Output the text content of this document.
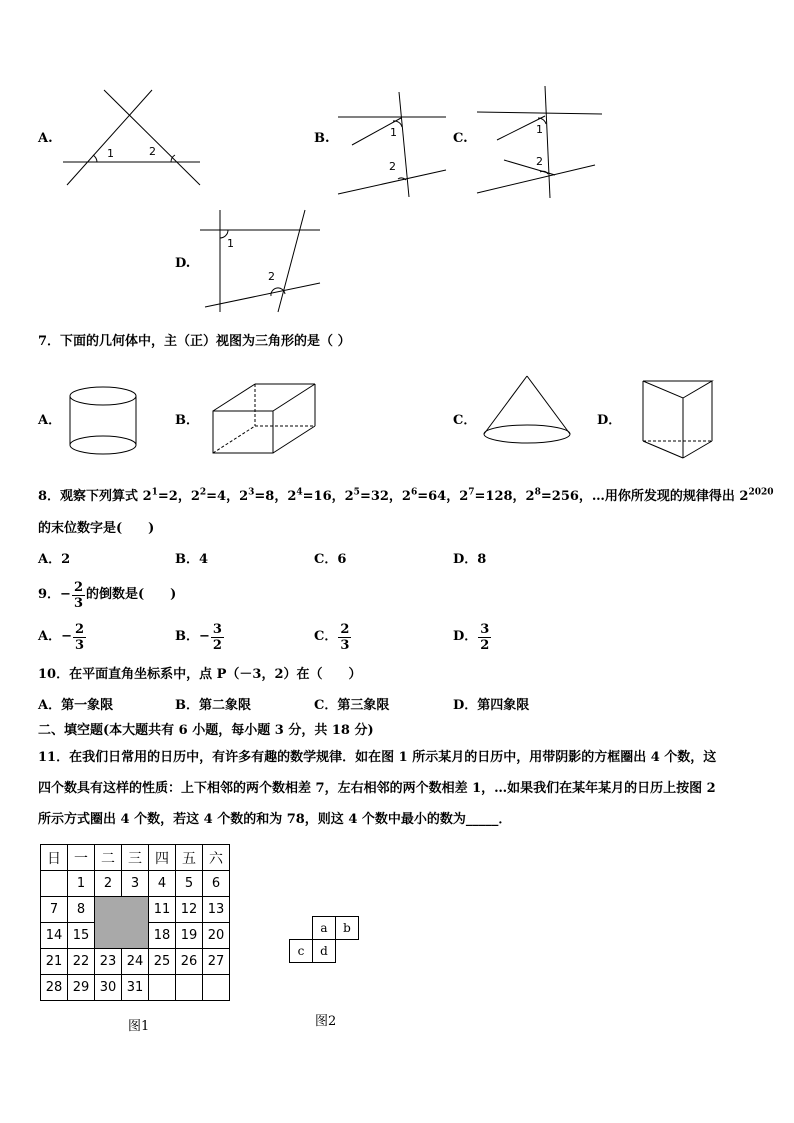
A.
1	2
B.	1
2
C.
1
2
D.
1
2
7．下面的几何体中，主（正）视图为三角形的是（ ）
A．	B．	C．	D．
8．观察下列算式 $2^1=2$，$2^2=4$，$2^3=8$，$2^4=16$，$2^5=32$，$2^6=64$，$2^7=128$，$2^8=256$，…用你所发现的规律得出 $2^{2020}$
的末位数字是(　　)
A．2	B．4	C．6	D．8
9． − $\frac{2}{3}$ 的倒数是(　　)
A． − $\frac{2}{3}$	B． − $\frac{3}{2}$	C． $\frac{2}{3}$	D． $\frac{3}{2}$
10．在平面直角坐标系中，点 P（－3，2）在（　　）
A．第一象限	B．第二象限	C．第三象限	D．第四象限
二、填空题(本大题共有 6 小题，每小题 3 分，共 18 分)
11．在我们日常用的日历中，有许多有趣的数学规律．如在图 1 所示某月的日历中，用带阴影的方框圈出 4 个数，这
四个数具有这样的性质：上下相邻的两个数相差 7，左右相邻的两个数相差 1，…如果我们在某年某月的日历上按图 2
所示方式圈出 4 个数，若这 4 个数的和为 78，则这 4 个数中最小的数为_____．
日	一	二	三	四	五	六
	1	2	3	4	5	6
7	8			11	12	13
14	15			18	19	20
21	22	23	24	25	26	27
28	29	30	31			
图1
a	b
c	d
图2
